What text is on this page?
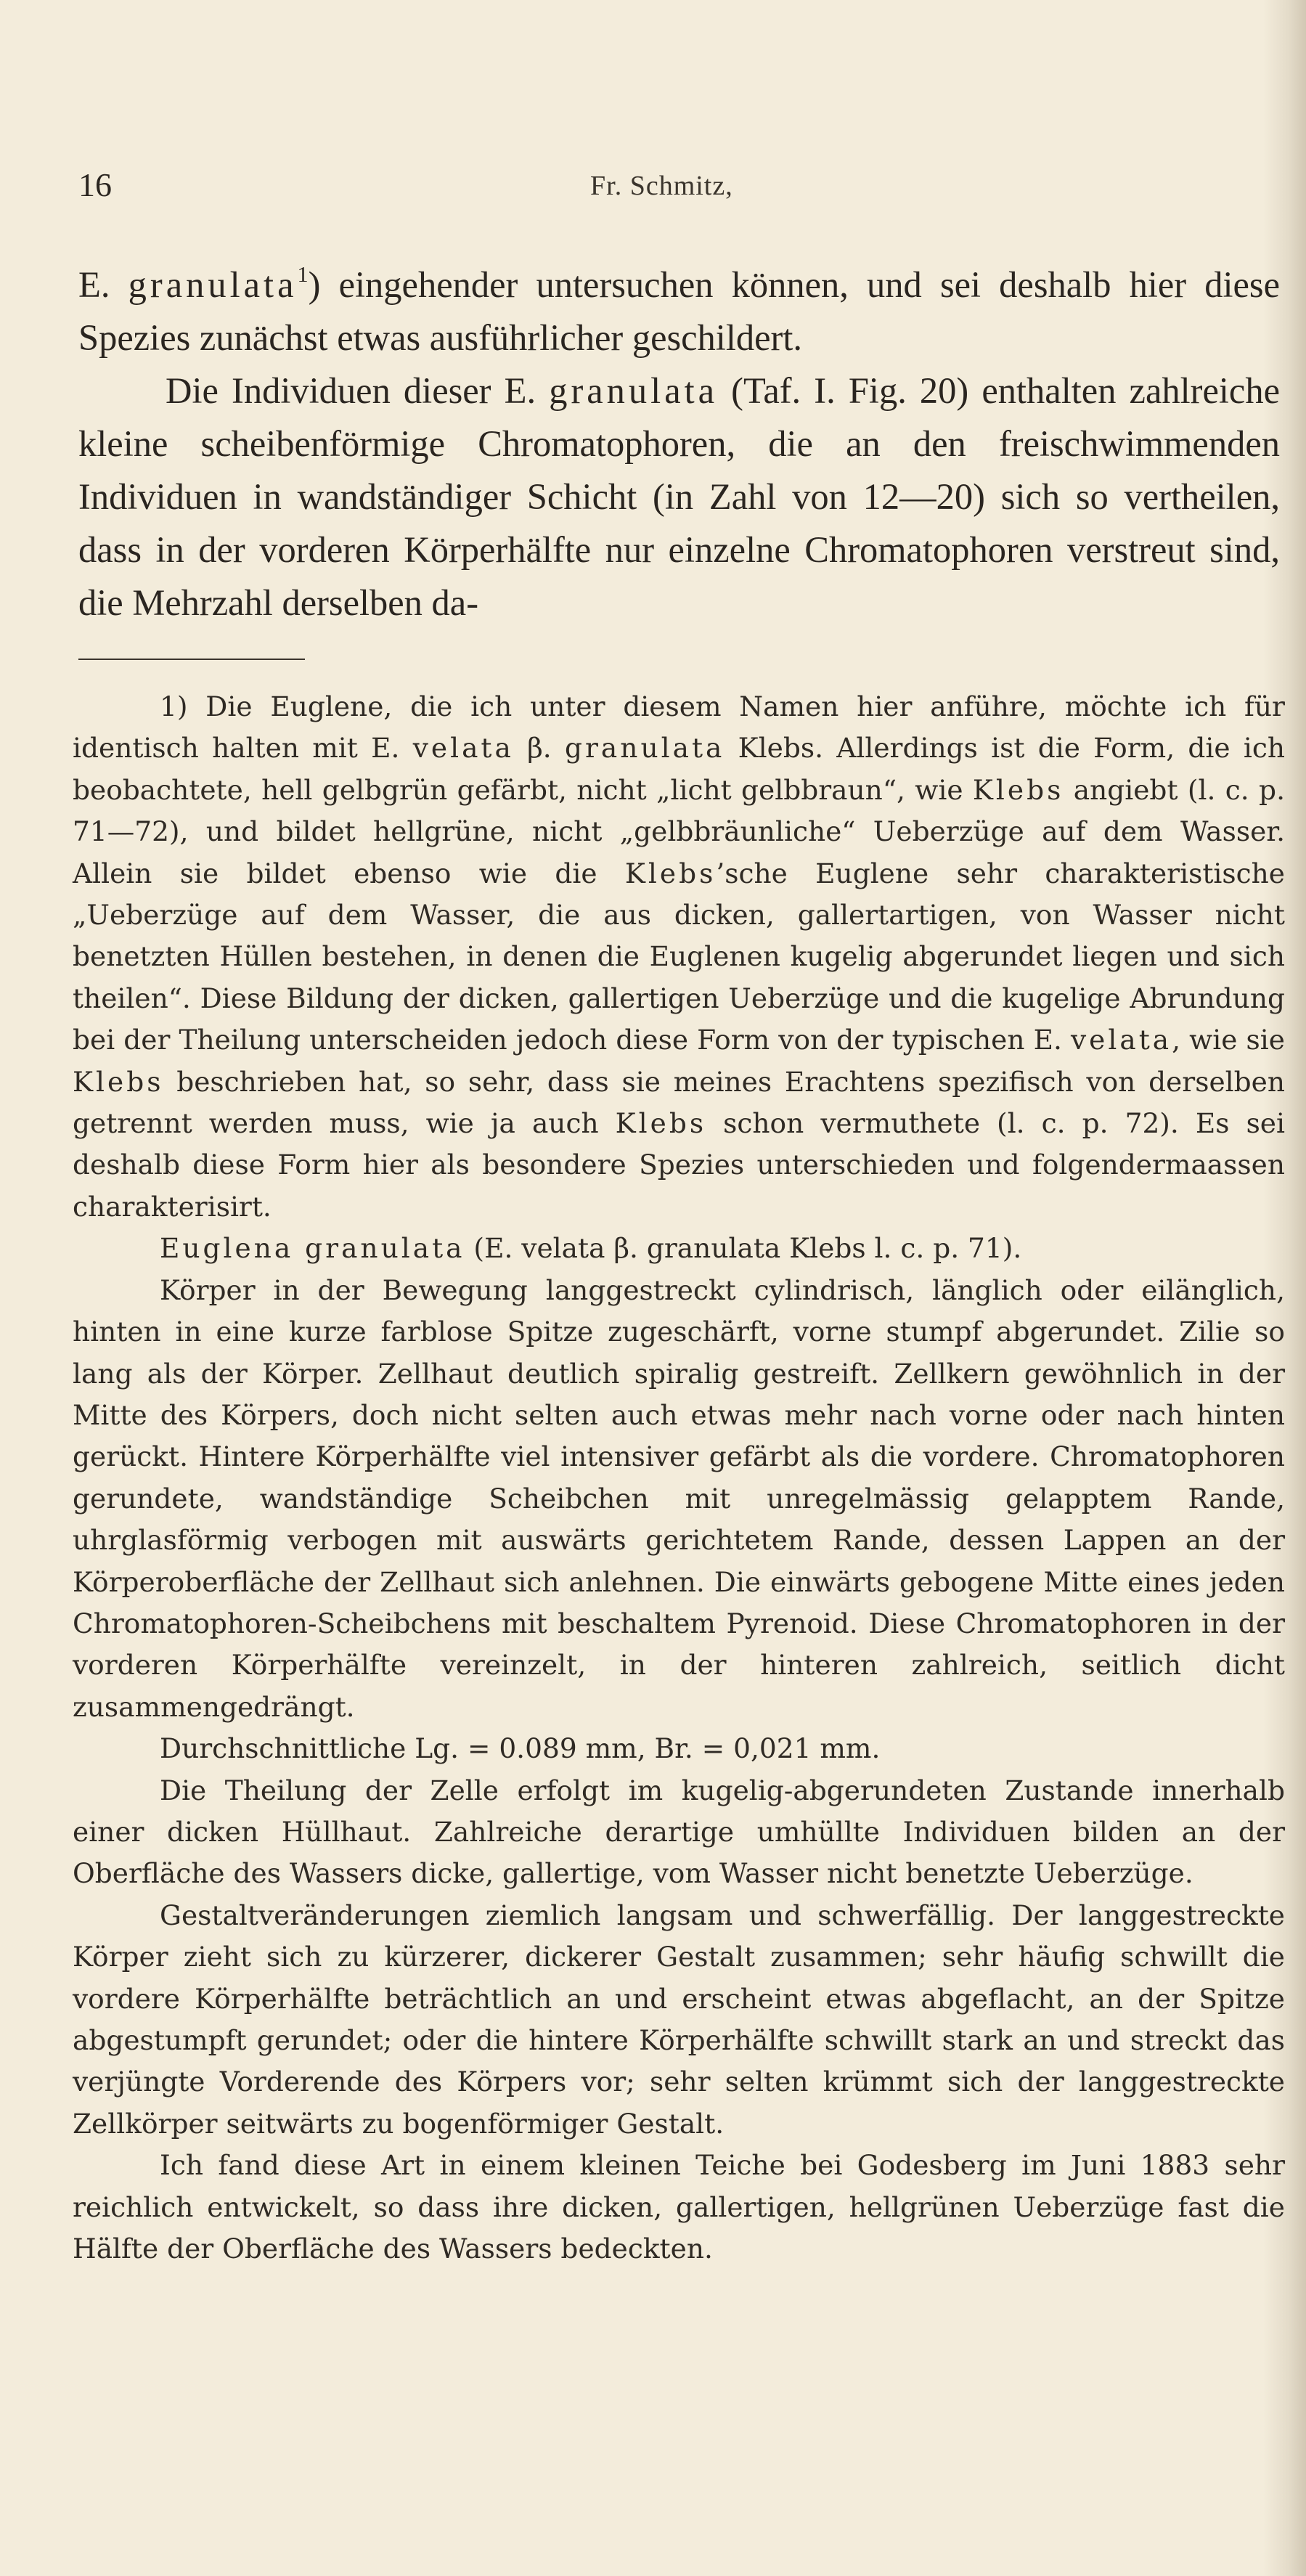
16	Fr. Schmitz,

E. granulata$^1$) eingehender untersuchen können, und sei deshalb hier diese Spezies zunächst etwas ausführlicher geschildert.

Die Individuen dieser E. granulata (Taf. I. Fig. 20) enthalten zahlreiche kleine scheibenförmige Chromatophoren, die an den freischwimmenden Individuen in wandständiger Schicht (in Zahl von 12—20) sich so vertheilen, dass in der vorderen Körperhälfte nur einzelne Chromatophoren verstreut sind, die Mehrzahl derselben da-

1) Die Euglene, die ich unter diesem Namen hier anführe, möchte ich für identisch halten mit E. velata β. granulata Klebs. Allerdings ist die Form, die ich beobachtete, hell gelbgrün gefärbt, nicht „licht gelbbraun“, wie Klebs angiebt (l. c. p. 71—72), und bildet hellgrüne, nicht „gelbbräunliche“ Ueberzüge auf dem Wasser. Allein sie bildet ebenso wie die Klebs’sche Euglene sehr charakteristische „Ueberzüge auf dem Wasser, die aus dicken, gallertartigen, von Wasser nicht benetzten Hüllen bestehen, in denen die Euglenen kugelig abgerundet liegen und sich theilen“. Diese Bildung der dicken, gallertigen Ueberzüge und die kugelige Abrundung bei der Theilung unterscheiden jedoch diese Form von der typischen E. velata, wie sie Klebs beschrieben hat, so sehr, dass sie meines Erachtens spezifisch von derselben getrennt werden muss, wie ja auch Klebs schon vermuthete (l. c. p. 72). Es sei deshalb diese Form hier als besondere Spezies unterschieden und folgendermaassen charakterisirt.

Euglena granulata (E. velata β. granulata Klebs l. c. p. 71).

Körper in der Bewegung langgestreckt cylindrisch, länglich oder eilänglich, hinten in eine kurze farblose Spitze zugeschärft, vorne stumpf abgerundet. Zilie so lang als der Körper. Zellhaut deutlich spiralig gestreift. Zellkern gewöhnlich in der Mitte des Körpers, doch nicht selten auch etwas mehr nach vorne oder nach hinten gerückt. Hintere Körperhälfte viel intensiver gefärbt als die vordere. Chromatophoren gerundete, wandständige Scheibchen mit unregelmässig gelapptem Rande, uhrglasförmig verbogen mit auswärts gerichtetem Rande, dessen Lappen an der Körperoberfläche der Zellhaut sich anlehnen. Die einwärts gebogene Mitte eines jeden Chromatophoren-Scheibchens mit beschaltem Pyrenoid. Diese Chromatophoren in der vorderen Körperhälfte vereinzelt, in der hinteren zahlreich, seitlich dicht zusammengedrängt.

Durchschnittliche Lg. = 0.089 mm, Br. = 0,021 mm.

Die Theilung der Zelle erfolgt im kugelig-abgerundeten Zustande innerhalb einer dicken Hüllhaut. Zahlreiche derartige umhüllte Individuen bilden an der Oberfläche des Wassers dicke, gallertige, vom Wasser nicht benetzte Ueberzüge.

Gestaltveränderungen ziemlich langsam und schwerfällig. Der langgestreckte Körper zieht sich zu kürzerer, dickerer Gestalt zusammen; sehr häufig schwillt die vordere Körperhälfte beträchtlich an und erscheint etwas abgeflacht, an der Spitze abgestumpft gerundet; oder die hintere Körperhälfte schwillt stark an und streckt das verjüngte Vorderende des Körpers vor; sehr selten krümmt sich der langgestreckte Zellkörper seitwärts zu bogenförmiger Gestalt.

Ich fand diese Art in einem kleinen Teiche bei Godesberg im Juni 1883 sehr reichlich entwickelt, so dass ihre dicken, gallertigen, hellgrünen Ueberzüge fast die Hälfte der Oberfläche des Wassers bedeckten.
